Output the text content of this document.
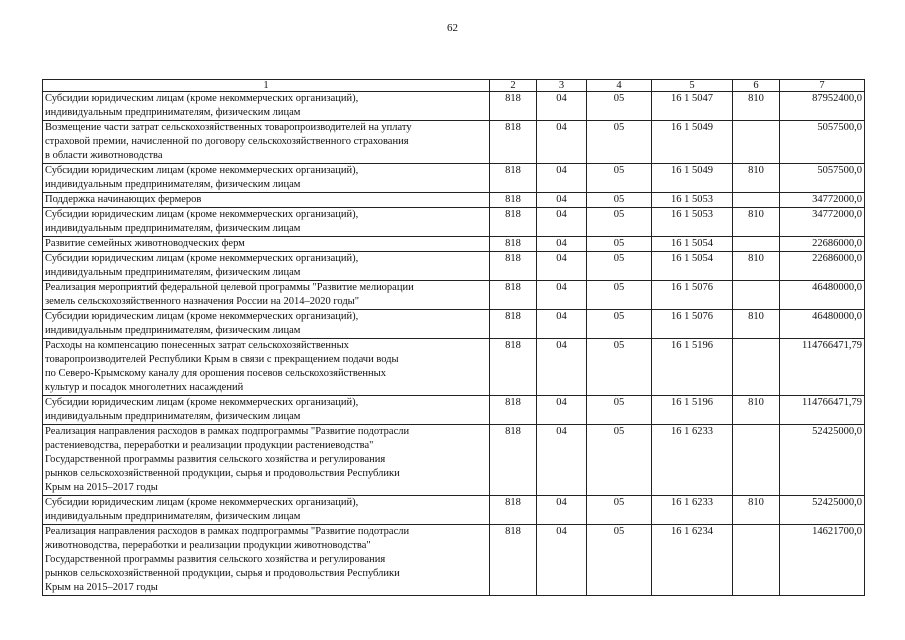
62
1	2	3	4	5	6	7
Субсидии юридическим лицам (кроме некоммерческих организаций),
индивидуальным предпринимателям, физическим лицам	818	04	05	16 1 5047	810	87952400,0
Возмещение части затрат сельскохозяйственных товаропроизводителей на уплату
страховой премии, начисленной по договору сельскохозяйственного страхования
в области животноводства	818	04	05	16 1 5049		5057500,0
Субсидии юридическим лицам (кроме некоммерческих организаций),
индивидуальным предпринимателям, физическим лицам	818	04	05	16 1 5049	810	5057500,0
Поддержка начинающих фермеров	818	04	05	16 1 5053		34772000,0
Субсидии юридическим лицам (кроме некоммерческих организаций),
индивидуальным предпринимателям, физическим лицам	818	04	05	16 1 5053	810	34772000,0
Развитие семейных животноводческих ферм	818	04	05	16 1 5054		22686000,0
Субсидии юридическим лицам (кроме некоммерческих организаций),
индивидуальным предпринимателям, физическим лицам	818	04	05	16 1 5054	810	22686000,0
Реализация мероприятий федеральной целевой программы "Развитие мелиорации
земель сельскохозяйственного назначения России на 2014–2020 годы"	818	04	05	16 1 5076		46480000,0
Субсидии юридическим лицам (кроме некоммерческих организаций),
индивидуальным предпринимателям, физическим лицам	818	04	05	16 1 5076	810	46480000,0
Расходы на компенсацию понесенных затрат сельскохозяйственных
товаропроизводителей Республики Крым в связи с прекращением подачи воды
по Северо-Крымскому каналу для орошения посевов сельскохозяйственных
культур и посадок многолетних насаждений	818	04	05	16 1 5196		114766471,79
Субсидии юридическим лицам (кроме некоммерческих организаций),
индивидуальным предпринимателям, физическим лицам	818	04	05	16 1 5196	810	114766471,79
Реализация направления расходов в рамках подпрограммы "Развитие подотрасли
растениеводства, переработки и реализации продукции растениеводства"
Государственной программы развития сельского хозяйства и регулирования
рынков сельскохозяйственной продукции, сырья и продовольствия Республики
Крым на 2015–2017 годы	818	04	05	16 1 6233		52425000,0
Субсидии юридическим лицам (кроме некоммерческих организаций),
индивидуальным предпринимателям, физическим лицам	818	04	05	16 1 6233	810	52425000,0
Реализация направления расходов в рамках подпрограммы "Развитие подотрасли
животноводства, переработки и реализации продукции животноводства"
Государственной программы развития сельского хозяйства и регулирования
рынков сельскохозяйственной продукции, сырья и продовольствия Республики
Крым на 2015–2017 годы	818	04	05	16 1 6234		14621700,0
